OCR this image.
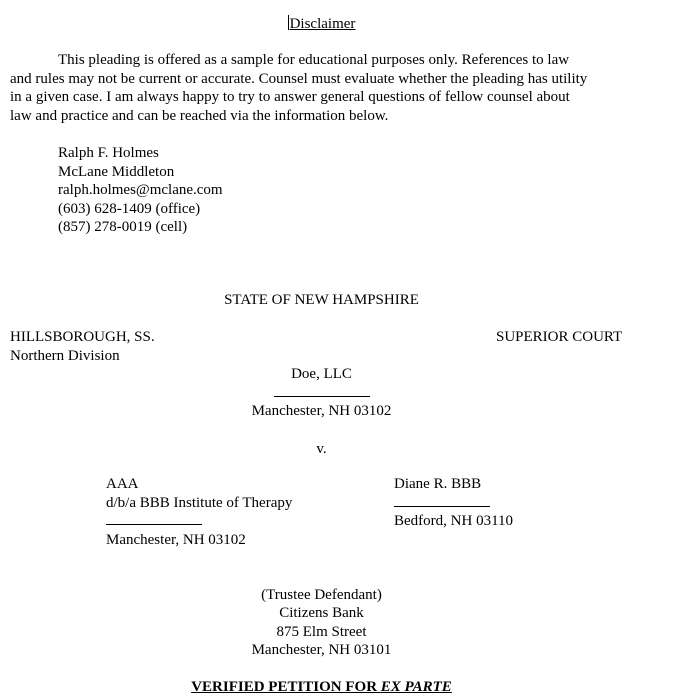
Disclaimer
This pleading is offered as a sample for educational purposes only. References to law
and rules may not be current or accurate. Counsel must evaluate whether the pleading has utility
in a given case. I am always happy to try to answer general questions of fellow counsel about
law and practice and can be reached via the information below.
Ralph F. Holmes
McLane Middleton
ralph.holmes@mclane.com
(603) 628-1409 (office)
(857) 278-0019 (cell)
STATE OF NEW HAMPSHIRE
HILLSBOROUGH, SS.	SUPERIOR COURT
Northern Division
Doe, LLC
Manchester, NH 03102
v.
AAA
d/b/a BBB Institute of Therapy
Manchester, NH 03102
Diane R. BBB
Bedford, NH 03110
(Trustee Defendant)
Citizens Bank
875 Elm Street
Manchester, NH 03101
VERIFIED PETITION FOR EX PARTE
